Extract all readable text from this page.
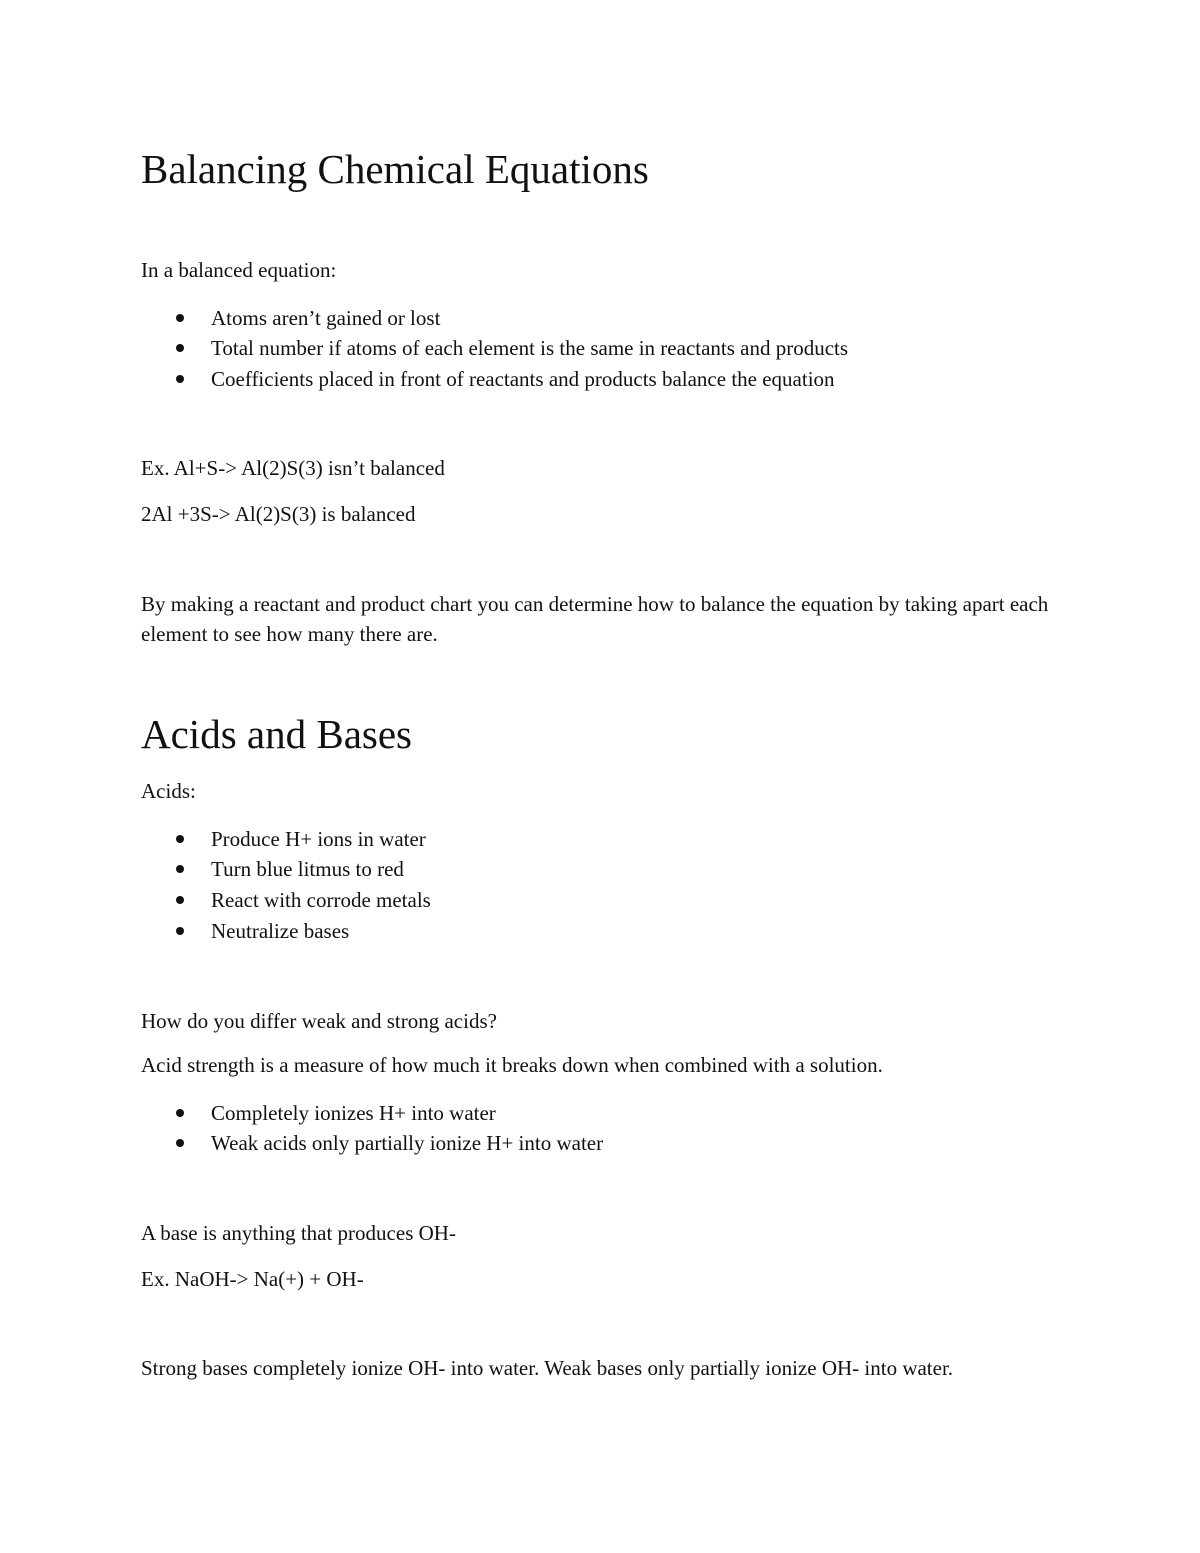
Balancing Chemical Equations

In a balanced equation:

Atoms aren’t gained or lost
Total number if atoms of each element is the same in reactants and products
Coefficients placed in front of reactants and products balance the equation

Ex. Al+S-> Al(2)S(3) isn’t balanced

2Al +3S-> Al(2)S(3) is balanced

By making a reactant and product chart you can determine how to balance the equation by taking apart each element to see how many there are.

Acids and Bases

Acids:

Produce H+ ions in water
Turn blue litmus to red
React with corrode metals
Neutralize bases

How do you differ weak and strong acids?

Acid strength is a measure of how much it breaks down when combined with a solution.

Completely ionizes H+ into water
Weak acids only partially ionize H+ into water

A base is anything that produces OH-

Ex. NaOH-> Na(+) + OH-

Strong bases completely ionize OH- into water. Weak bases only partially ionize OH- into water.
